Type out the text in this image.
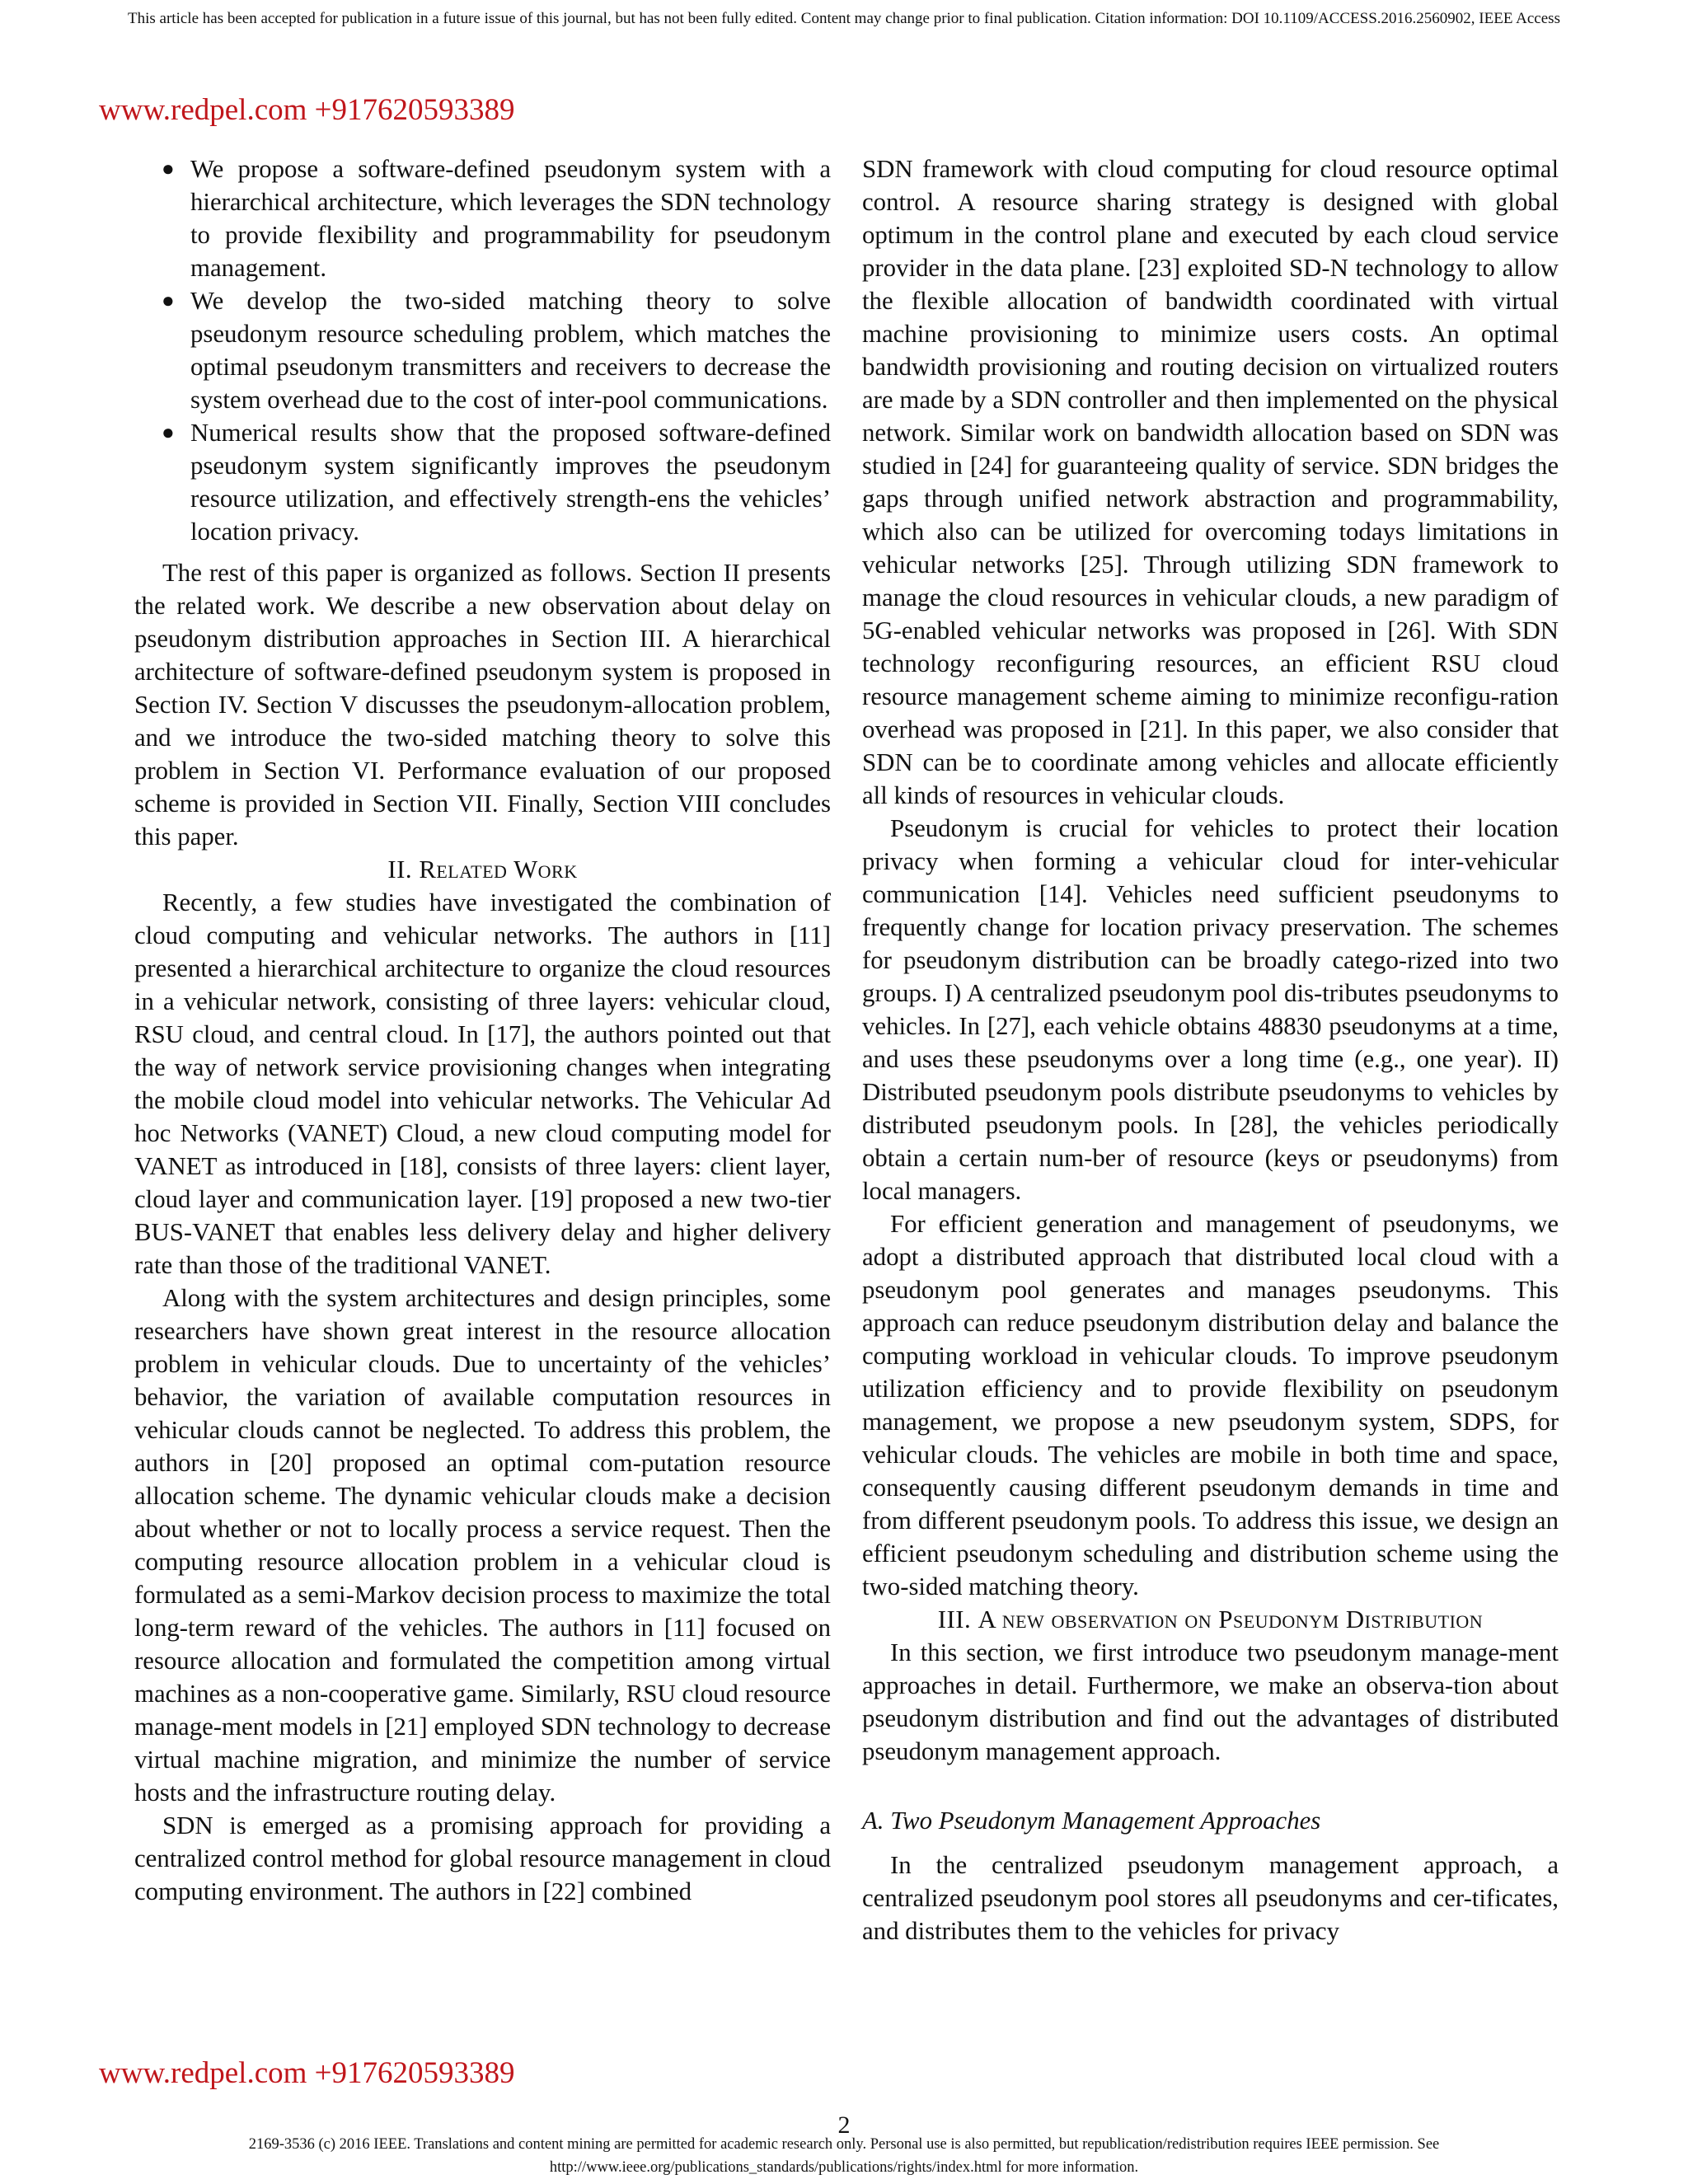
This article has been accepted for publication in a future issue of this journal, but has not been fully edited. Content may change prior to final publication. Citation information: DOI 10.1109/ACCESS.2016.2560902, IEEE Access
www.redpel.com +917620593389
● We propose a software-defined pseudonym system with a hierarchical architecture, which leverages the SDN technology to provide flexibility and programmability for pseudonym management.
● We develop the two-sided matching theory to solve pseudonym resource scheduling problem, which matches the optimal pseudonym transmitters and receivers to decrease the system overhead due to the cost of inter-pool communications.
● Numerical results show that the proposed software-defined pseudonym system significantly improves the pseudonym resource utilization, and effectively strength-ens the vehicles’ location privacy.

The rest of this paper is organized as follows. Section II presents the related work. We describe a new observation about delay on pseudonym distribution approaches in Section III. A hierarchical architecture of software-defined pseudonym system is proposed in Section IV. Section V discusses the pseudonym-allocation problem, and we introduce the two-sided matching theory to solve this problem in Section VI. Performance evaluation of our proposed scheme is provided in Section VII. Finally, Section VIII concludes this paper.

II. Related Work

Recently, a few studies have investigated the combination of cloud computing and vehicular networks. The authors in [11] presented a hierarchical architecture to organize the cloud resources in a vehicular network, consisting of three layers: vehicular cloud, RSU cloud, and central cloud. In [17], the authors pointed out that the way of network service provisioning changes when integrating the mobile cloud model into vehicular networks. The Vehicular Ad hoc Networks (VANET) Cloud, a new cloud computing model for VANET as introduced in [18], consists of three layers: client layer, cloud layer and communication layer. [19] proposed a new two-tier BUS-VANET that enables less delivery delay and higher delivery rate than those of the traditional VANET.

Along with the system architectures and design principles, some researchers have shown great interest in the resource allocation problem in vehicular clouds. Due to uncertainty of the vehicles’ behavior, the variation of available computation resources in vehicular clouds cannot be neglected. To address this problem, the authors in [20] proposed an optimal com-putation resource allocation scheme. The dynamic vehicular clouds make a decision about whether or not to locally process a service request. Then the computing resource allocation problem in a vehicular cloud is formulated as a semi-Markov decision process to maximize the total long-term reward of the vehicles. The authors in [11] focused on resource allocation and formulated the competition among virtual machines as a non-cooperative game. Similarly, RSU cloud resource manage-ment models in [21] employed SDN technology to decrease virtual machine migration, and minimize the number of service hosts and the infrastructure routing delay.

SDN is emerged as a promising approach for providing a centralized control method for global resource management in cloud computing environment. The authors in [22] combined

SDN framework with cloud computing for cloud resource optimal control. A resource sharing strategy is designed with global optimum in the control plane and executed by each cloud service provider in the data plane. [23] exploited SD-N technology to allow the flexible allocation of bandwidth coordinated with virtual machine provisioning to minimize users costs. An optimal bandwidth provisioning and routing decision on virtualized routers are made by a SDN controller and then implemented on the physical network. Similar work on bandwidth allocation based on SDN was studied in [24] for guaranteeing quality of service. SDN bridges the gaps through unified network abstraction and programmability, which also can be utilized for overcoming todays limitations in vehicular networks [25]. Through utilizing SDN framework to manage the cloud resources in vehicular clouds, a new paradigm of 5G-enabled vehicular networks was proposed in [26]. With SDN technology reconfiguring resources, an efficient RSU cloud resource management scheme aiming to minimize reconfigu-ration overhead was proposed in [21]. In this paper, we also consider that SDN can be to coordinate among vehicles and allocate efficiently all kinds of resources in vehicular clouds.

Pseudonym is crucial for vehicles to protect their location privacy when forming a vehicular cloud for inter-vehicular communication [14]. Vehicles need sufficient pseudonyms to frequently change for location privacy preservation. The schemes for pseudonym distribution can be broadly catego-rized into two groups. I) A centralized pseudonym pool dis-tributes pseudonyms to vehicles. In [27], each vehicle obtains 48830 pseudonyms at a time, and uses these pseudonyms over a long time (e.g., one year). II) Distributed pseudonym pools distribute pseudonyms to vehicles by distributed pseudonym pools. In [28], the vehicles periodically obtain a certain num-ber of resource (keys or pseudonyms) from local managers.

For efficient generation and management of pseudonyms, we adopt a distributed approach that distributed local cloud with a pseudonym pool generates and manages pseudonyms. This approach can reduce pseudonym distribution delay and balance the computing workload in vehicular clouds. To improve pseudonym utilization efficiency and to provide flexibility on pseudonym management, we propose a new pseudonym system, SDPS, for vehicular clouds. The vehicles are mobile in both time and space, consequently causing different pseudonym demands in time and from different pseudonym pools. To address this issue, we design an efficient pseudonym scheduling and distribution scheme using the two-sided matching theory.

III. A new observation on Pseudonym Distribution

In this section, we first introduce two pseudonym manage-ment approaches in detail. Furthermore, we make an observa-tion about pseudonym distribution and find out the advantages of distributed pseudonym management approach.

A. Two Pseudonym Management Approaches

In the centralized pseudonym management approach, a centralized pseudonym pool stores all pseudonyms and cer-tificates, and distributes them to the vehicles for privacy

www.redpel.com +917620593389
2
2169-3536 (c) 2016 IEEE. Translations and content mining are permitted for academic research only. Personal use is also permitted, but republication/redistribution requires IEEE permission. See
http://www.ieee.org/publications_standards/publications/rights/index.html for more information.
